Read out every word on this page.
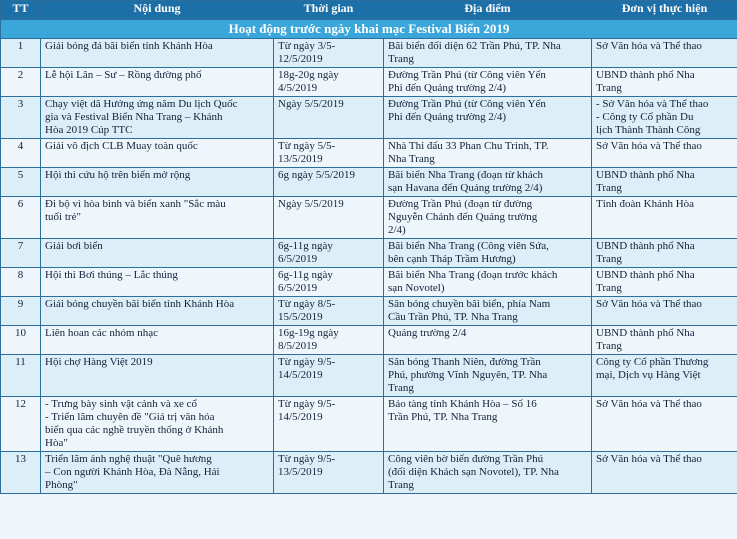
TT	Nội dung	Thời gian	Địa điểm	Đơn vị thực hiện
Hoạt động trước ngày khai mạc Festival Biển 2019				
1	Giải bóng đá bãi biển tỉnh Khánh Hòa	Từ ngày 3/5-
12/5/2019	Bãi biển đối diện 62 Trần Phú, TP. Nha
Trang	Sở Văn hóa và Thể thao

2	Lễ hội Lân – Sư – Rồng đường phố	18g-20g ngày
4/5/2019	Đường Trần Phú (từ Công viên Yến
Phi đến Quảng trường 2/4)	UBND thành phố Nha
Trang

3	Chạy việt dã Hưởng ứng năm Du lịch Quốc
gia và Festival Biển Nha Trang – Khánh
Hòa 2019 Cúp TTC	Ngày 5/5/2019	Đường Trần Phú (từ Công viên Yến
Phi đến Quảng trường 2/4)	- Sở Văn hóa và Thể thao
- Công ty Cổ phần Du
lịch Thành Thành Công

4	Giải vô địch CLB Muay toàn quốc	Từ ngày 5/5-
13/5/2019	Nhà Thi đấu 33 Phan Chu Trinh, TP.
Nha Trang	Sở Văn hóa và Thể thao

5	Hội thi cứu hộ trên biển mở rộng	6g ngày 5/5/2019	Bãi biển Nha Trang (đoạn từ khách
sạn Havana đến Quảng trường 2/4)	UBND thành phố Nha
Trang

6	Đi bộ vì hòa bình và biển xanh "Sắc màu
tuổi trẻ"	Ngày 5/5/2019	Đường Trần Phú (đoạn từ đường
Nguyễn Chánh đến Quảng trường
2/4)	Tỉnh đoàn Khánh Hòa

7	Giải bơi biển	6g-11g ngày
6/5/2019	Bãi biển Nha Trang (Công viên Sứa,
bên cạnh Tháp Trầm Hương)	UBND thành phố Nha
Trang

8	Hội thi Bơi thúng – Lắc thúng	6g-11g ngày
6/5/2019	Bãi biển Nha Trang (đoạn trước khách
sạn Novotel)	UBND thành phố Nha
Trang

9	Giải bóng chuyền bãi biển tỉnh Khánh Hòa	Từ ngày 8/5-
15/5/2019	Sân bóng chuyền bãi biển, phía Nam
Cầu Trần Phú, TP. Nha Trang	Sở Văn hóa và Thể thao

10	Liên hoan các nhóm nhạc	16g-19g ngày
8/5/2019	Quảng trường 2/4	UBND thành phố Nha
Trang

11	Hội chợ Hàng Việt 2019	Từ ngày 9/5-
14/5/2019	Sân bóng Thanh Niên, đường Trần
Phú, phường Vĩnh Nguyên, TP. Nha
Trang	Công ty Cổ phần Thương
mại, Dịch vụ Hàng Việt

12	- Trưng bày sinh vật cảnh và xe cổ
- Triển lãm chuyên đề "Giá trị văn hóa
biển qua các nghề truyền thống ở Khánh
Hòa"	Từ ngày 9/5-
14/5/2019	Bảo tàng tỉnh Khánh Hòa – Số 16
Trần Phú, TP. Nha Trang	Sở Văn hóa và Thể thao

13	Triển lãm ảnh nghệ thuật "Quê hương
– Con người Khánh Hòa, Đà Nẵng, Hải
Phòng"	Từ ngày 9/5-
13/5/2019	Công viên bờ biển đường Trần Phú
(đối diện Khách sạn Novotel), TP. Nha
Trang	Sở Văn hóa và Thể thao
